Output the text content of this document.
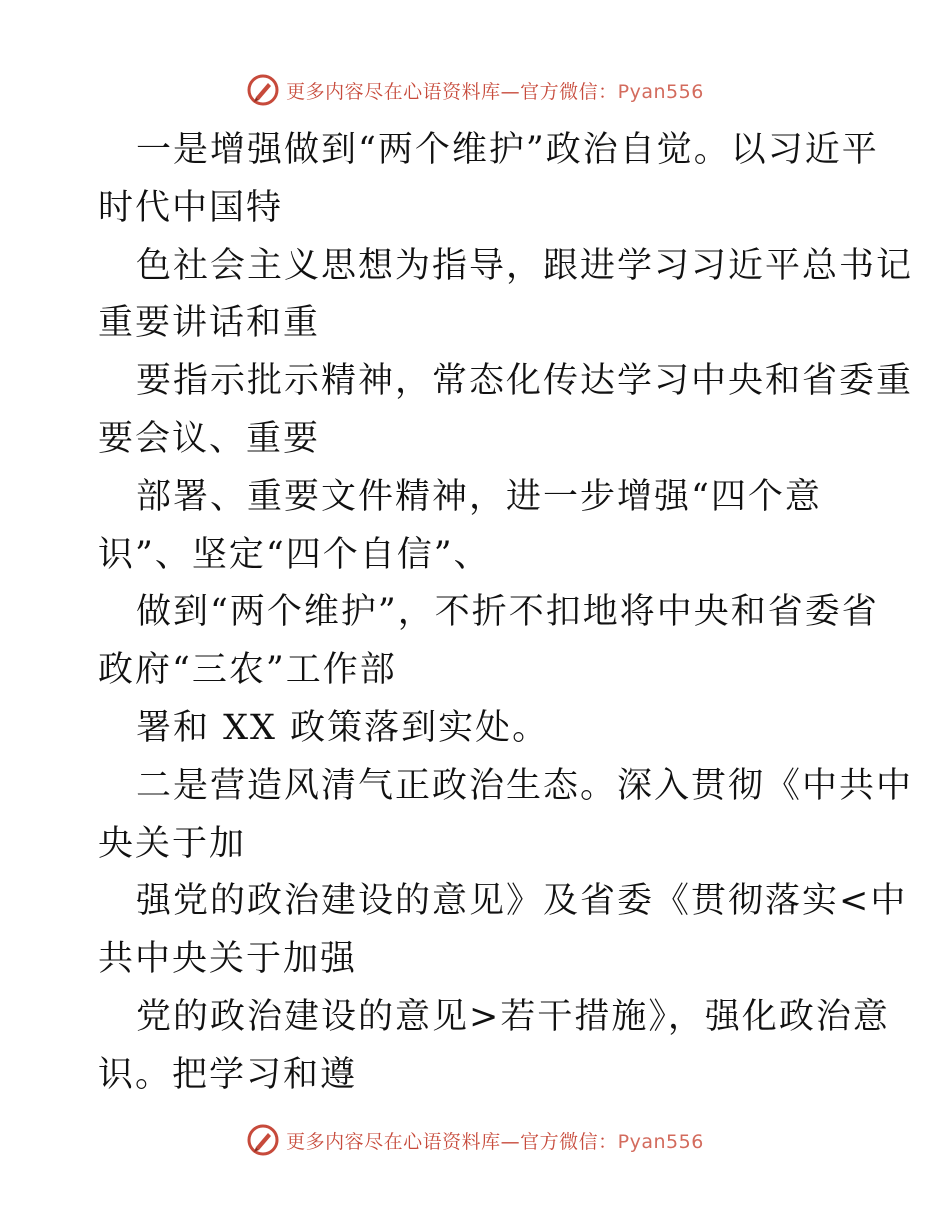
更多内容尽在心语资料库—官方微信：Pyan556
一是增强做到“两个维护”政治自觉。以习近平
时代中国特
色社会主义思想为指导，跟进学习习近平总书记
重要讲话和重
要指示批示精神，常态化传达学习中央和省委重
要会议、重要
部署、重要文件精神，进一步增强“四个意
识”、坚定“四个自信”、
做到“两个维护”，不折不扣地将中央和省委省
政府“三农”工作部
署和 XX 政策落到实处。
二是营造风清气正政治生态。深入贯彻《中共中
央关于加
强党的政治建设的意见》及省委《贯彻落实<中
共中央关于加强
党的政治建设的意见>若干措施》，强化政治意
识。把学习和遵
更多内容尽在心语资料库—官方微信：Pyan556
